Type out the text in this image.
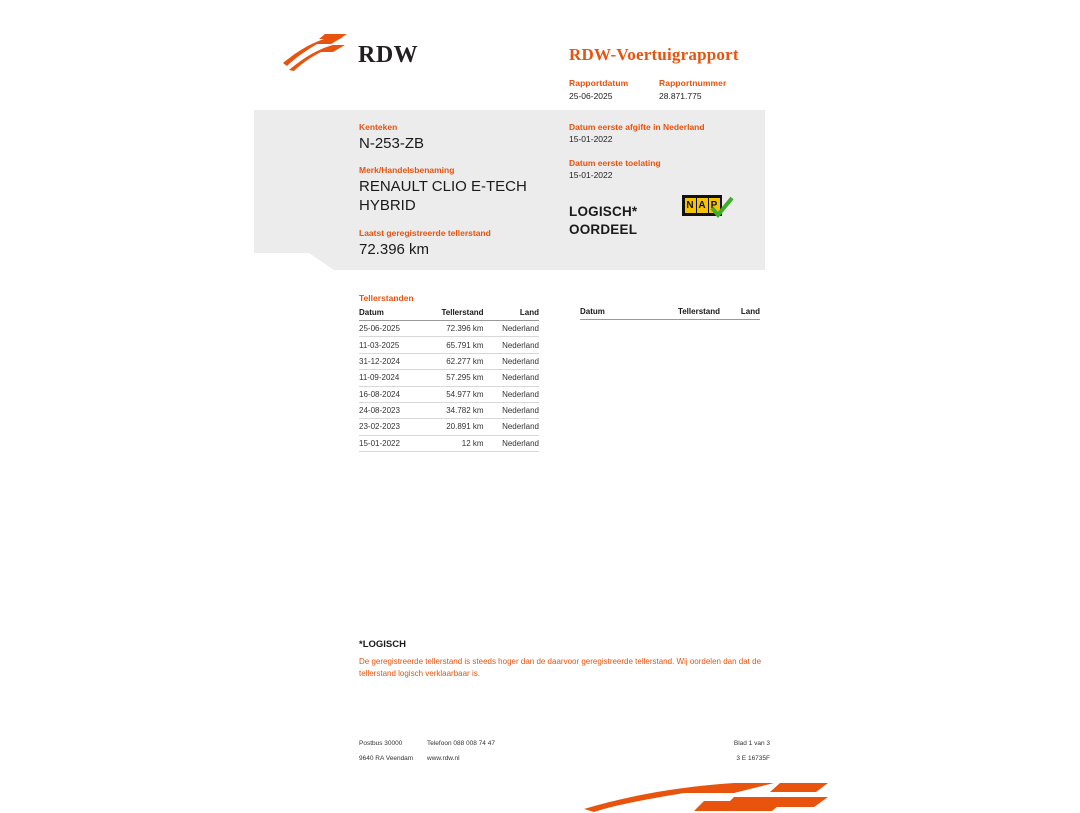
RDW	RDW-Voertuigrapport
Rapportdatum
25-06-2025
Rapportnummer
28.871.775
Kenteken
N-253-ZB
Merk/Handelsbenaming
RENAULT CLIO E-TECH HYBRID
Laatst geregistreerde tellerstand
72.396 km
Datum eerste afgifte in Nederland
15-01-2022
Datum eerste toelating
15-01-2022
LOGISCH*
OORDEEL
N A P
Tellerstanden
Datum	Tellerstand	Land
25-06-2025	72.396 km	Nederland
11-03-2025	65.791 km	Nederland
31-12-2024	62.277 km	Nederland
11-09-2024	57.295 km	Nederland
16-08-2024	54.977 km	Nederland
24-08-2023	34.782 km	Nederland
23-02-2023	20.891 km	Nederland
15-01-2022	12 km	Nederland
Datum	Tellerstand	Land
*LOGISCH
De geregistreerde tellerstand is steeds hoger dan de daarvoor geregistreerde tellerstand. Wij oordelen dan dat de tellerstand logisch verklaarbaar is.
Postbus 30000
9640 RA Veendam
Telefoon 088 008 74 47
www.rdw.nl
Blad 1 van 3
3 E 16735F
